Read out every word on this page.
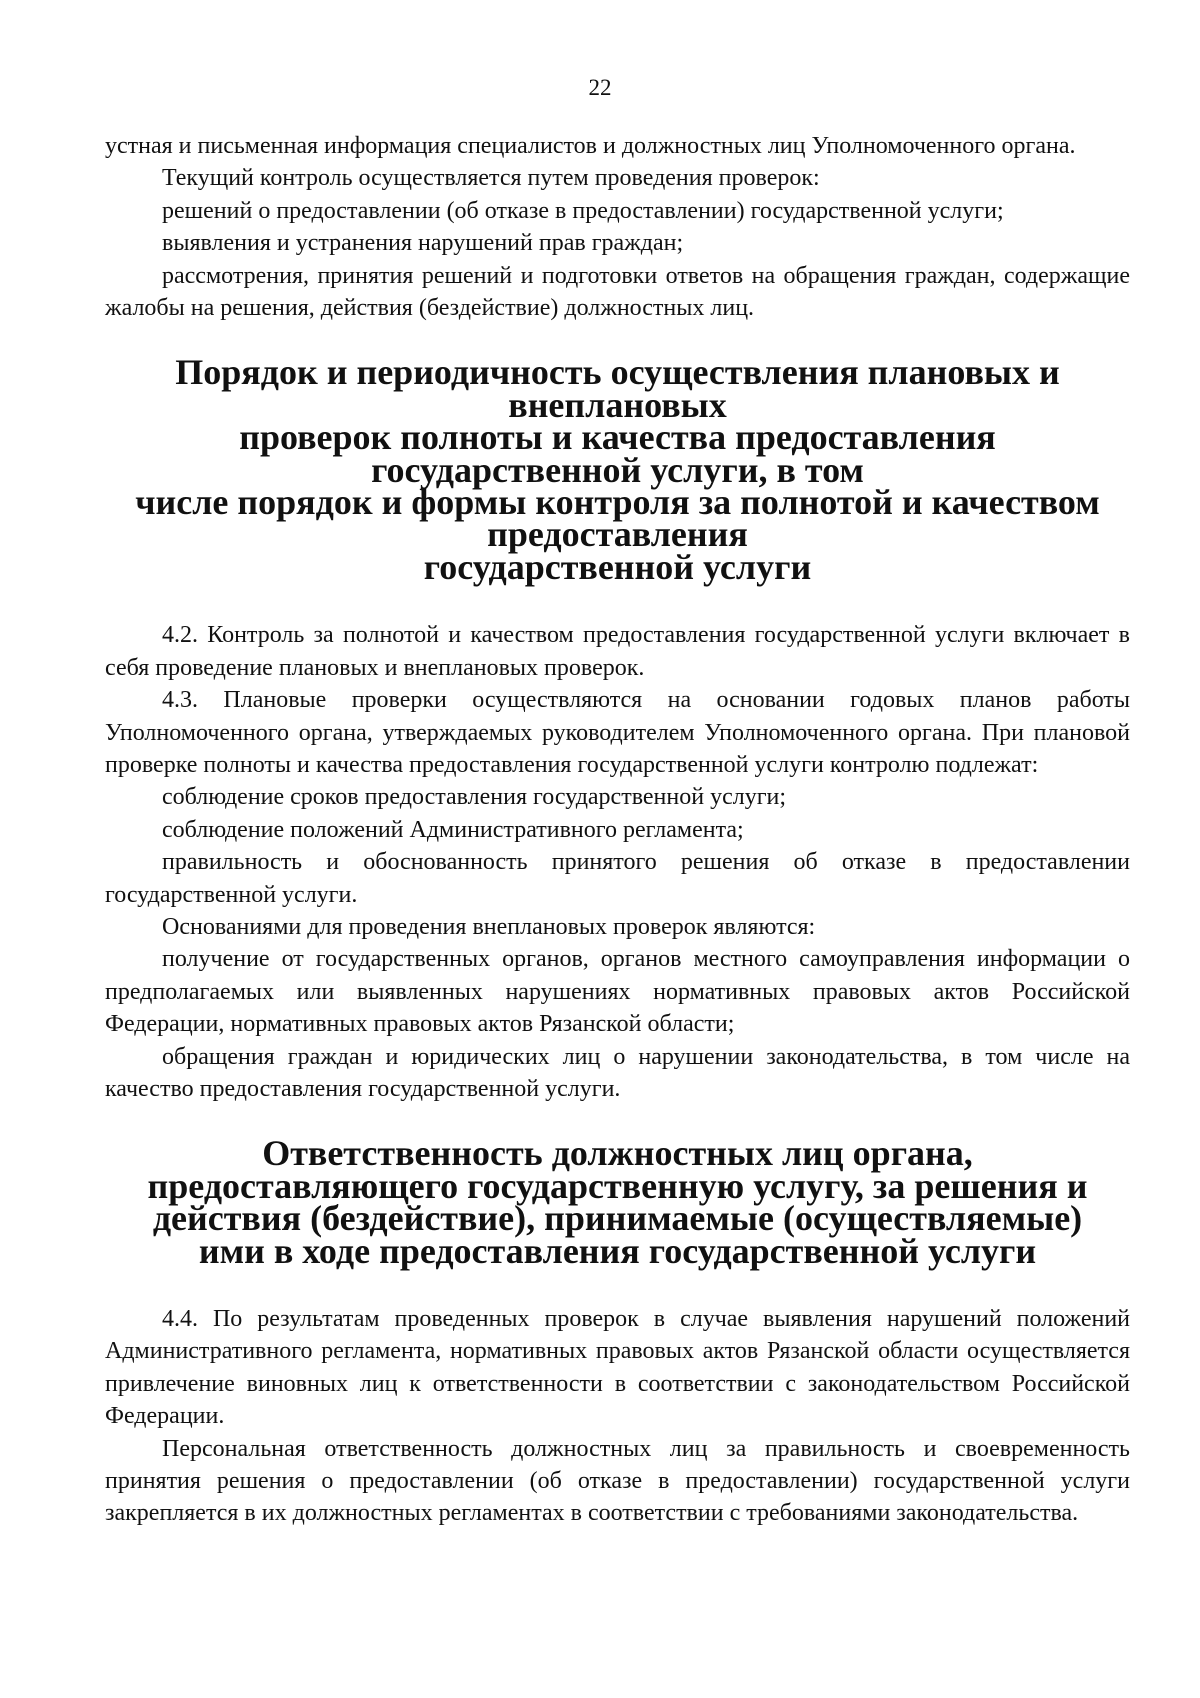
22

устная и письменная информация специалистов и должностных лиц Уполномоченного органа.

Текущий контроль осуществляется путем проведения проверок:

решений о предоставлении (об отказе в предоставлении) государственной услуги;

выявления и устранения нарушений прав граждан;

рассмотрения, принятия решений и подготовки ответов на обращения граждан, содержащие жалобы на решения, действия (бездействие) должностных лиц.

Порядок и периодичность осуществления плановых и внеплановых
проверок полноты и качества предоставления государственной услуги, в том
числе порядок и формы контроля за полнотой и качеством предоставления
государственной услуги

4.2. Контроль за полнотой и качеством предоставления государственной услуги включает в себя проведение плановых и внеплановых проверок.

4.3. Плановые проверки осуществляются на основании годовых планов работы Уполномоченного органа, утверждаемых руководителем Уполномоченного органа. При плановой проверке полноты и качества предоставления государственной услуги контролю подлежат:

соблюдение сроков предоставления государственной услуги;

соблюдение положений Административного регламента;

правильность и обоснованность принятого решения об отказе в предоставлении государственной услуги.

Основаниями для проведения внеплановых проверок являются:

получение от государственных органов, органов местного самоуправления информации о предполагаемых или выявленных нарушениях нормативных правовых актов Российской Федерации, нормативных правовых актов Рязанской области;

обращения граждан и юридических лиц о нарушении законодательства, в том числе на качество предоставления государственной услуги.

Ответственность должностных лиц органа,
предоставляющего государственную услугу, за решения и
действия (бездействие), принимаемые (осуществляемые)
ими в ходе предоставления государственной услуги

4.4. По результатам проведенных проверок в случае выявления нарушений положений Административного регламента, нормативных правовых актов Рязанской области осуществляется привлечение виновных лиц к ответственности в соответствии с законодательством Российской Федерации.

Персональная ответственность должностных лиц за правильность и своевременность принятия решения о предоставлении (об отказе в предоставлении) государственной услуги закрепляется в их должностных регламентах в соответствии с требованиями законодательства.
